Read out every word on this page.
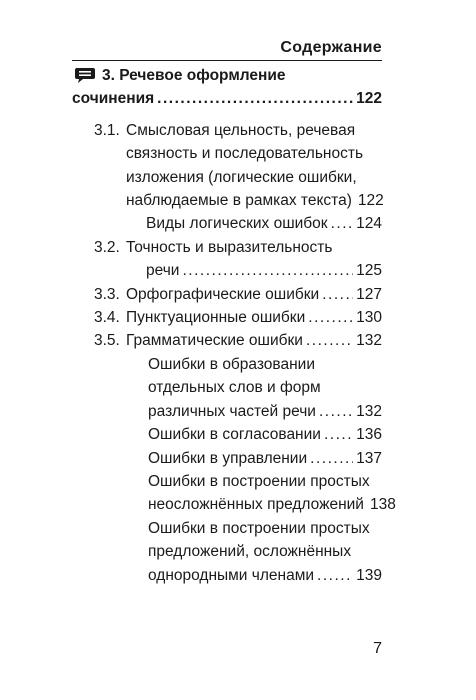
Содержание
3. Речевое оформление
сочинения . . .	122
3.1. Смысловая цельность, речевая
связность и последовательность
изложения (логические ошибки,
наблюдаемые в рамках текста) 122
Виды логических ошибок . . . 124
3.2. Точность и выразительность
речи . . .	125
3.3. Орфографические ошибки . . . 127
3.4. Пунктуационные ошибки . . .	130
3.5. Грамматические ошибки . . .	132
Ошибки в образовании
отдельных слов и форм
различных частей речи . . .	132
Ошибки в согласовании . . . 136
Ошибки в управлении . . .	137
Ошибки в построении простых
неосложнённых предложений 138
Ошибки в построении простых
предложений, осложнённых
однородными членами . . .	139
7
